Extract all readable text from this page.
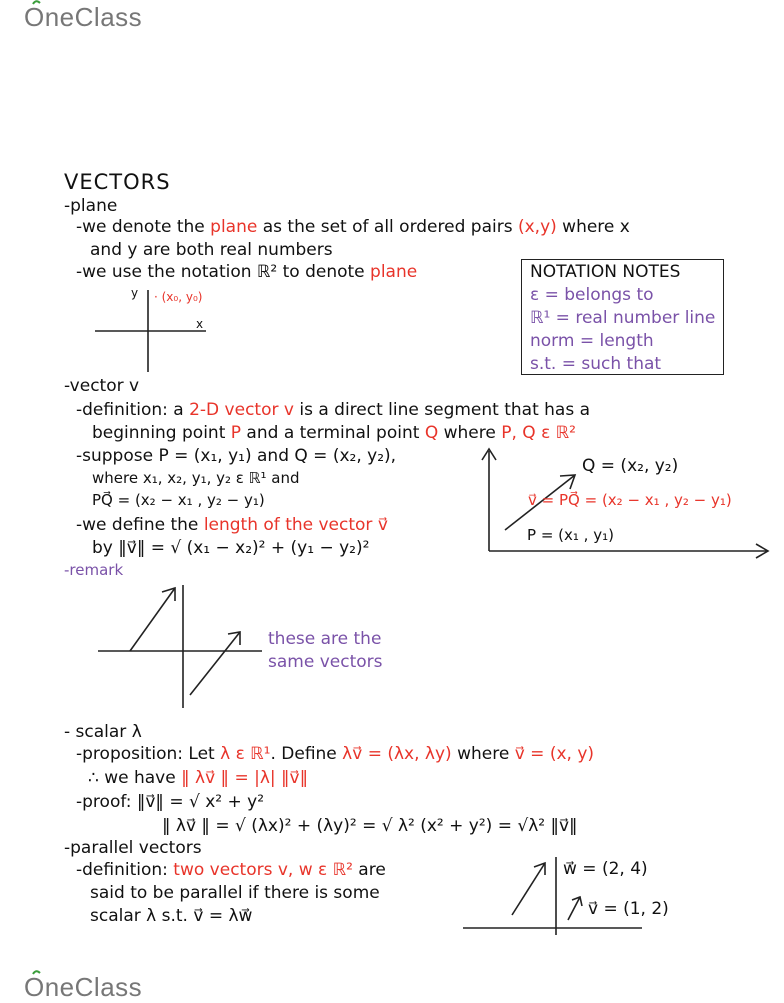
OneClass
OneClass
VECTORS
-plane
-we denote the plane as the set of all ordered pairs (x,y) where x
and y are both real numbers
-we use the notation ℝ² to denote plane
y
x
· (x₀, y₀)
NOTATION NOTES
ε = belongs to
ℝ¹ = real number line
norm = length
s.t. = such that
-vector v
-definition: a 2-D vector v is a direct line segment that has a
beginning point P and a terminal point Q where P, Q ε ℝ²
-suppose P = (x₁, y₁) and Q = (x₂, y₂),
where x₁, x₂, y₁, y₂ ε ℝ¹ and
PQ⃗ = (x₂ − x₁ , y₂ − y₁)
-we define the length of the vector v⃗
by ‖v⃗‖ = √ (x₁ − x₂)² + (y₁ − y₂)²
Q = (x₂, y₂)
v⃗ = PQ⃗ = (x₂ − x₁ , y₂ − y₁)
P = (x₁ , y₁)
-remark
these are the
same vectors
- scalar λ
-proposition: Let λ ε ℝ¹. Define λv⃗ = (λx, λy) where v⃗ = (x, y)
∴ we have ‖ λv⃗ ‖ = |λ| ‖v⃗‖
-proof: ‖v⃗‖ = √ x² + y²
‖ λv⃗ ‖ = √ (λx)² + (λy)² = √ λ² (x² + y²) = √λ² ‖v⃗‖
-parallel vectors
-definition: two vectors v, w ε ℝ² are
said to be parallel if there is some
scalar λ s.t. v⃗ = λw⃗
w⃗ = (2, 4)
v⃗ = (1, 2)
